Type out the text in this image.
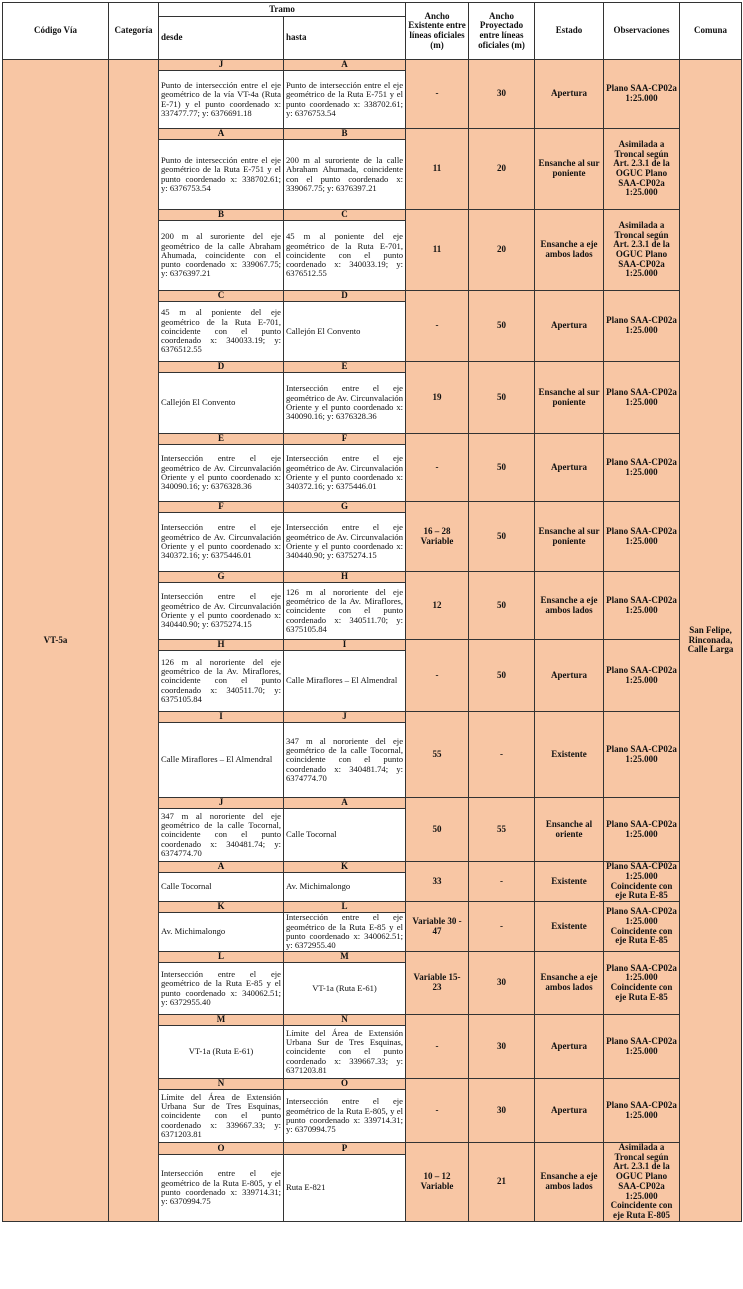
Código Vía	Categoría	Tramo		Ancho Existente entre líneas oficiales (m)	Ancho Proyectado entre líneas oficiales (m)	Estado	Observaciones	Comuna
		desde	hasta					
VT-5a		J	A	-	30	Apertura	Plano SAA-CP02a 1:25.000	San Felipe, Rinconada, Calle Larga
		Punto de intersección entre el eje geométrico de la vía VT-4a (Ruta E-71) y el punto coordenado x: 337477.77; y: 6376691.18	Punto de intersección entre el eje geométrico de la Ruta E-751 y el punto coordenado x: 338702.61; y: 6376753.54					
		A	B	11	20	Ensanche al sur poniente	Asimilada a Troncal según Art. 2.3.1 de la OGUC Plano SAA-CP02a 1:25.000	
		Punto de intersección entre el eje geométrico de la Ruta E-751 y el punto coordenado x: 338702.61; y: 6376753.54	200 m al suroriente de la calle Abraham Ahumada, coincidente con el punto coordenado x: 339067.75; y: 6376397.21					
		B	C	11	20	Ensanche a eje ambos lados	Asimilada a Troncal según Art. 2.3.1 de la OGUC Plano SAA-CP02a 1:25.000	
		200 m al suroriente del eje geométrico de la calle Abraham Ahumada, coincidente con el punto coordenado x: 339067.75; y: 6376397.21	45 m al poniente del eje geométrico de la Ruta E-701, coincidente con el punto coordenado x: 340033.19; y: 6376512.55					
		C	D	-	50	Apertura	Plano SAA-CP02a 1:25.000	
		45 m al poniente del eje geométrico de la Ruta E-701, coincidente con el punto coordenado x: 340033.19; y: 6376512.55	Callejón El Convento					
		D	E	19	50	Ensanche al sur poniente	Plano SAA-CP02a 1:25.000	
		Callejón El Convento	Intersección entre el eje geométrico de Av. Circunvalación Oriente y el punto coordenado x: 340090.16; y: 6376328.36					
		E	F	-	50	Apertura	Plano SAA-CP02a 1:25.000	
		Intersección entre el eje geométrico de Av. Circunvalación Oriente y el punto coordenado x: 340090.16; y: 6376328.36	Intersección entre el eje geométrico de Av. Circunvalación Oriente y el punto coordenado x: 340372.16; y: 6375446.01					
		F	G	16 – 28 Variable	50	Ensanche al sur poniente	Plano SAA-CP02a 1:25.000	
		Intersección entre el eje geométrico de Av. Circunvalación Oriente y el punto coordenado x: 340372.16; y: 6375446.01	Intersección entre el eje geométrico de Av. Circunvalación Oriente y el punto coordenado x: 340440.90; y: 6375274.15					
		G	H	12	50	Ensanche a eje ambos lados	Plano SAA-CP02a 1:25.000	
		Intersección entre el eje geométrico de Av. Circunvalación Oriente y el punto coordenado x: 340440.90; y: 6375274.15	126 m al nororiente del eje geométrico de la Av. Miraflores, coincidente con el punto coordenado x: 340511.70; y: 6375105.84					
		H	I	-	50	Apertura	Plano SAA-CP02a 1:25.000	
		126 m al nororiente del eje geométrico de la Av. Miraflores, coincidente con el punto coordenado x: 340511.70; y: 6375105.84	Calle Miraflores – El Almendral					
		I	J	55	-	Existente	Plano SAA-CP02a 1:25.000	
		Calle Miraflores – El Almendral	347 m al nororiente del eje geométrico de la calle Tocornal, coincidente con el punto coordenado x: 340481.74; y: 6374774.70					
		J	A	50	55	Ensanche al oriente	Plano SAA-CP02a 1:25.000	
		347 m al nororiente del eje geométrico de la calle Tocornal, coincidente con el punto coordenado x: 340481.74; y: 6374774.70	Calle Tocornal					
		A	K	33	-	Existente	Plano SAA-CP02a 1:25.000 Coincidente con eje Ruta E-85	
		Calle Tocornal	Av. Michimalongo					
		K	L	Variable 30 - 47	-	Existente	Plano SAA-CP02a 1:25.000 Coincidente con eje Ruta E-85	
		Av. Michimalongo	Intersección entre el eje geométrico de la Ruta E-85 y el punto coordenado x: 340062.51; y: 6372955.40					
		L	M	Variable 15- 23	30	Ensanche a eje ambos lados	Plano SAA-CP02a 1:25.000 Coincidente con eje Ruta E-85	
		Intersección entre el eje geométrico de la Ruta E-85 y el punto coordenado x: 340062.51; y: 6372955.40	VT-1a (Ruta E-61)					
		M	N	-	30	Apertura	Plano SAA-CP02a 1:25.000	
		VT-1a (Ruta E-61)	Límite del Área de Extensión Urbana Sur de Tres Esquinas, coincidente con el punto coordenado x: 339667.33; y: 6371203.81					
		N	O	-	30	Apertura	Plano SAA-CP02a 1:25.000	
		Límite del Área de Extensión Urbana Sur de Tres Esquinas, coincidente con el punto coordenado x: 339667.33; y: 6371203.81	Intersección entre el eje geométrico de la Ruta E-805, y el punto coordenado x: 339714.31; y: 6370994.75					
		O	P	10 – 12 Variable	21	Ensanche a eje ambos lados	Asimilada a Troncal según Art. 2.3.1 de la OGUC Plano SAA-CP02a 1:25.000 Coincidente con eje Ruta E-805	
		Intersección entre el eje geométrico de la Ruta E-805, y el punto coordenado x: 339714.31; y: 6370994.75	Ruta E-821					
